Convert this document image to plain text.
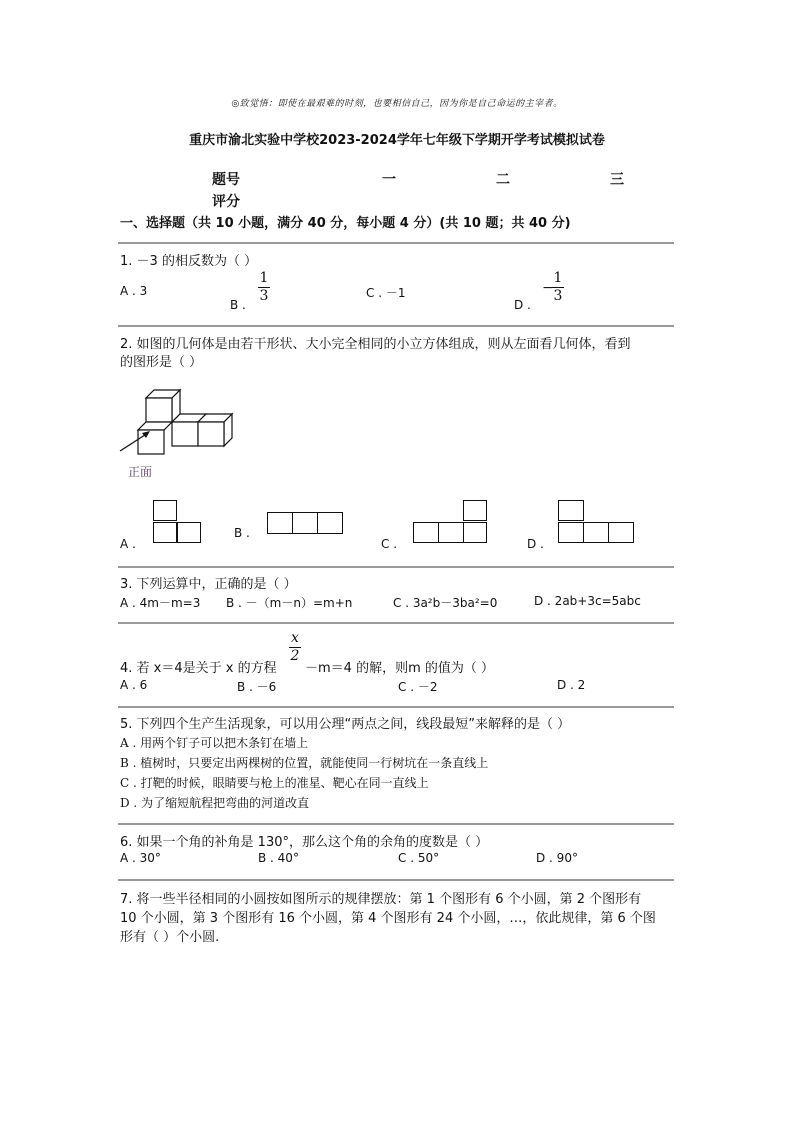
◎致觉悟：即使在最艰难的时刻，也要相信自己，因为你是自己命运的主宰者。
重庆市渝北实验中学校2023-2024学年七年级下学期开学考试模拟试卷
题号	一	二	三
评分
一、选择题（共 10 小题，满分 40 分，每小题 4 分）(共 10 题；共 40 分)
1. －3 的相反数为（ ）
A . 3
B .
1
3	C . －1
D .
−
1
3
2. 如图的几何体是由若干形状、大小完全相同的小立方体组成，则从左面看几何体，看到
的图形是（ ）
正面
A .
B .
C .	D .
3. 下列运算中，正确的是（ ）
A . 4m－m=3 B . －（m－n）=m+n	C . 3a²b－3ba²=0	D . 2ab+3c=5abc
x
2
4. 若 x＝4是关于 x 的方程 －m＝4 的解，则m 的值为（ ）
A . 6	B . －6	C . －2	D . 2
5. 下列四个生产生活现象，可以用公理“两点之间，线段最短”来解释的是（ ）
A . 用两个钉子可以把木条钉在墙上
B . 植树时，只要定出两棵树的位置，就能使同一行树坑在一条直线上
C . 打靶的时候，眼睛要与枪上的准星、靶心在同一直线上
D . 为了缩短航程把弯曲的河道改直
6. 如果一个角的补角是 130°，那么这个角的余角的度数是（ ）
A . 30°	B . 40°	C . 50°	D . 90°
7. 将一些半径相同的小圆按如图所示的规律摆放：第 1 个图形有 6 个小圆，第 2 个图形有
10 个小圆，第 3 个图形有 16 个小圆，第 4 个图形有 24 个小圆，…，依此规律，第 6 个图
形有（ ）个小圆.
